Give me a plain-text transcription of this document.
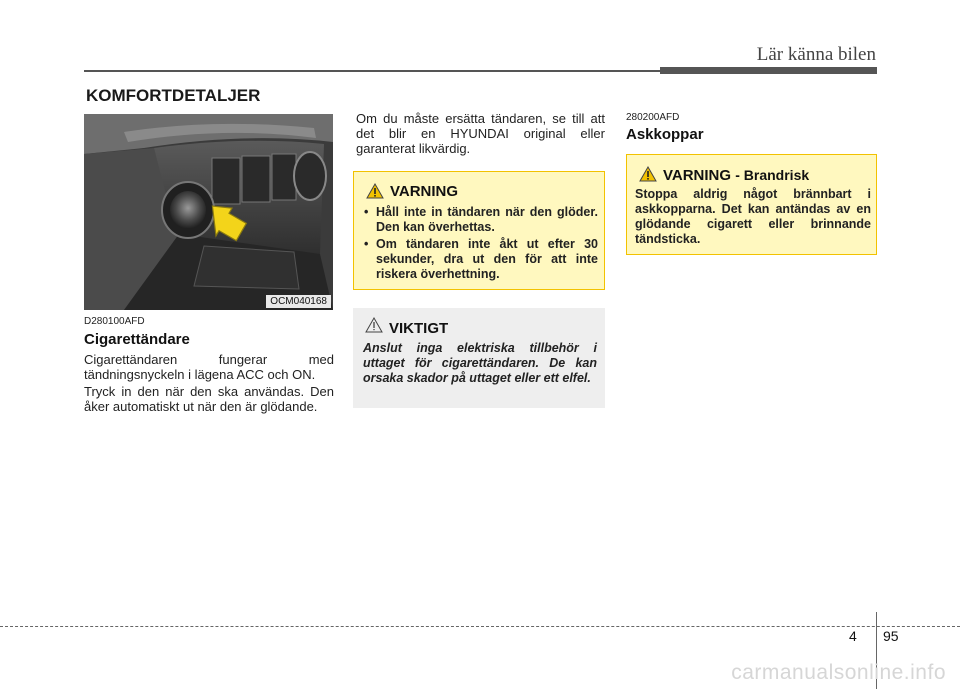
Lär känna bilen
KOMFORTDETALJER
OCM040168
D280100AFD
Cigarettändare
Cigarettändaren fungerar med tändningsnyckeln i lägena ACC och ON.
Tryck in den när den ska användas. Den åker automatiskt ut när den är glödande.
Om du måste ersätta tändaren, se till att det blir en HYUNDAI original eller garanterat likvärdig.
VARNING
• Håll inte in tändaren när den glöder. Den kan överhettas.
• Om tändaren inte åkt ut efter 30 sekunder, dra ut den för att inte riskera överhettning.
VIKTIGT
Anslut inga elektriska tillbehör i uttaget för cigarettändaren. De kan orsaka skador på uttaget eller ett elfel.
280200AFD
Askkoppar
VARNING - Brandrisk
Stoppa aldrig något brännbart i askkopparna. Det kan antändas av en glödande cigarett eller brinnande tändsticka.
4 95
carmanualsonline.info
